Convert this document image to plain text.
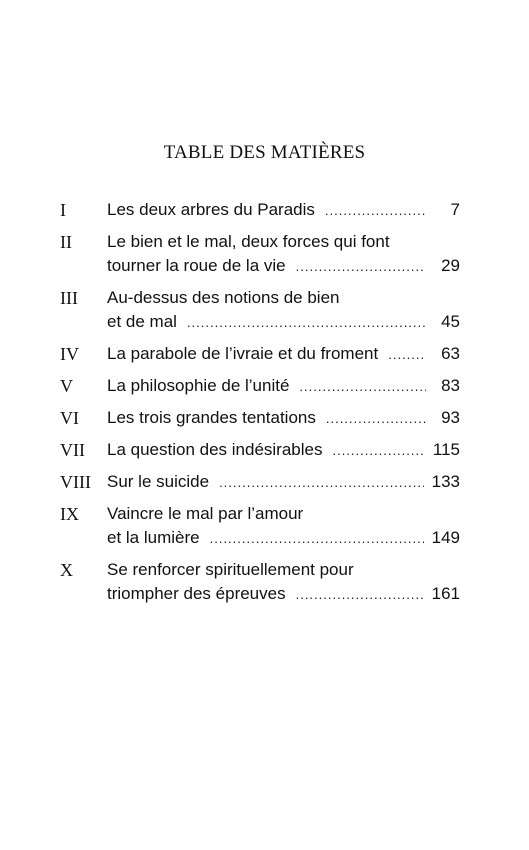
TABLE DES MATIÈRES
I	Les deux arbres du Paradis .....	7
II	Le bien et le mal, deux forces qui font
tourner la roue de la vie .....	29
III	Au-dessus des notions de bien
et de mal .....	45
IV	La parabole de l’ivraie et du froment .....	63
V	La philosophie de l’unité .....	83
VI	Les trois grandes tentations .....	93
VII	La question des indésirables .....	115
VIII Sur le suicide .....	133
IX	Vaincre le mal par l’amour
et la lumière .....	149
X	Se renforcer spirituellement pour
triompher des épreuves .....	161
